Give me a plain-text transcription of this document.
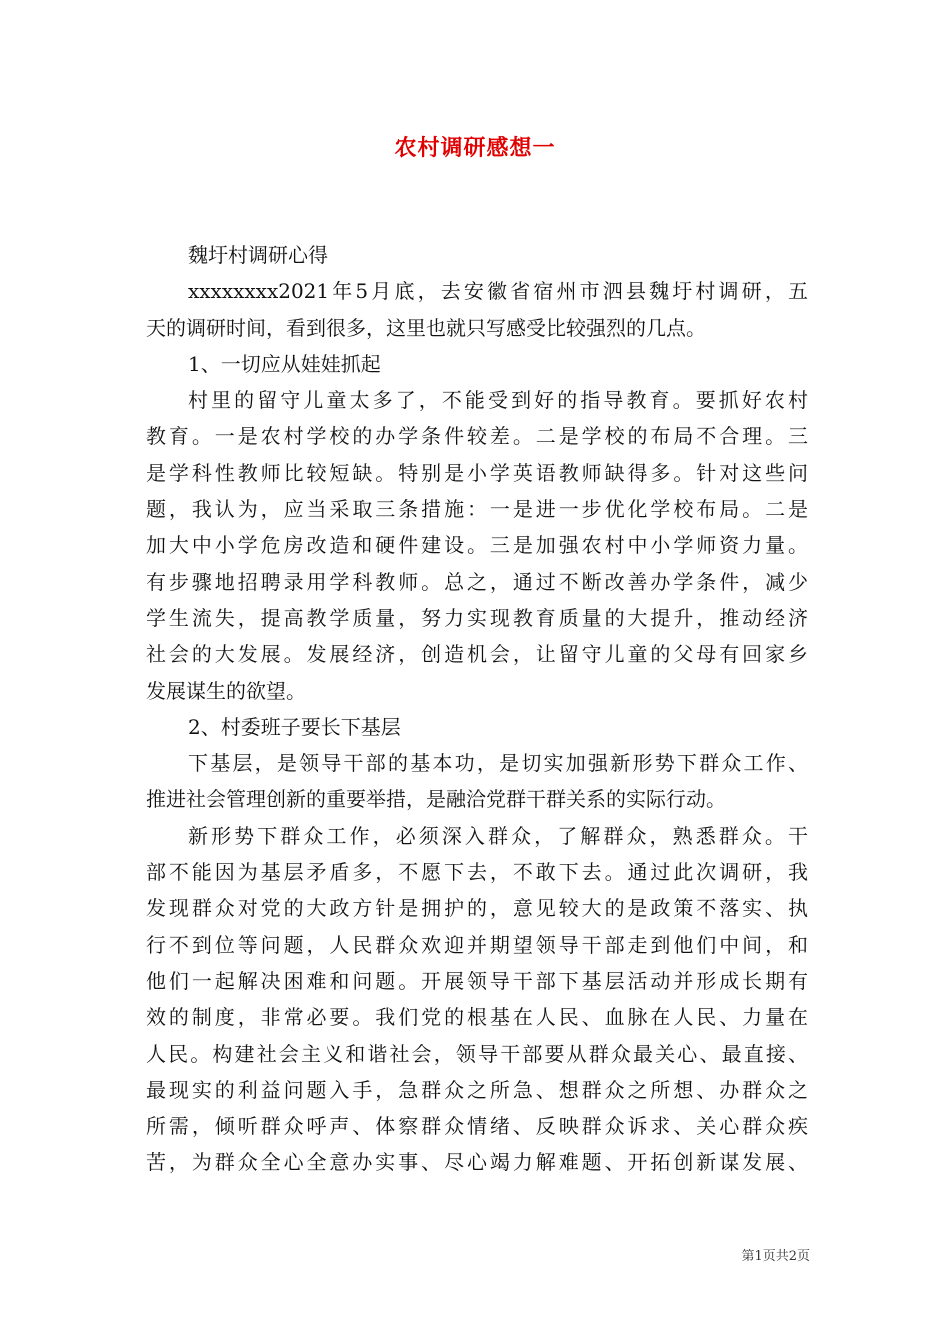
农村调研感想一
魏圩村调研心得
xxxxxxxx2021年5月底，去安徽省宿州市泗县魏圩村调研，五
天的调研时间，看到很多，这里也就只写感受比较强烈的几点。
1、一切应从娃娃抓起
村里的留守儿童太多了，不能受到好的指导教育。要抓好农村
教育。一是农村学校的办学条件较差。二是学校的布局不合理。三
是学科性教师比较短缺。特别是小学英语教师缺得多。针对这些问
题，我认为，应当采取三条措施：一是进一步优化学校布局。二是
加大中小学危房改造和硬件建设。三是加强农村中小学师资力量。
有步骤地招聘录用学科教师。总之，通过不断改善办学条件，减少
学生流失，提高教学质量，努力实现教育质量的大提升，推动经济
社会的大发展。发展经济，创造机会，让留守儿童的父母有回家乡
发展谋生的欲望。
2、村委班子要长下基层
下基层，是领导干部的基本功，是切实加强新形势下群众工作、
推进社会管理创新的重要举措，是融洽党群干群关系的实际行动。
新形势下群众工作，必须深入群众，了解群众，熟悉群众。干
部不能因为基层矛盾多，不愿下去，不敢下去。通过此次调研，我
发现群众对党的大政方针是拥护的，意见较大的是政策不落实、执
行不到位等问题，人民群众欢迎并期望领导干部走到他们中间，和
他们一起解决困难和问题。开展领导干部下基层活动并形成长期有
效的制度，非常必要。我们党的根基在人民、血脉在人民、力量在
人民。构建社会主义和谐社会，领导干部要从群众最关心、最直接、
最现实的利益问题入手，急群众之所急、想群众之所想、办群众之
所需，倾听群众呼声、体察群众情绪、反映群众诉求、关心群众疾
苦，为群众全心全意办实事、尽心竭力解难题、开拓创新谋发展、
第1页共2页
